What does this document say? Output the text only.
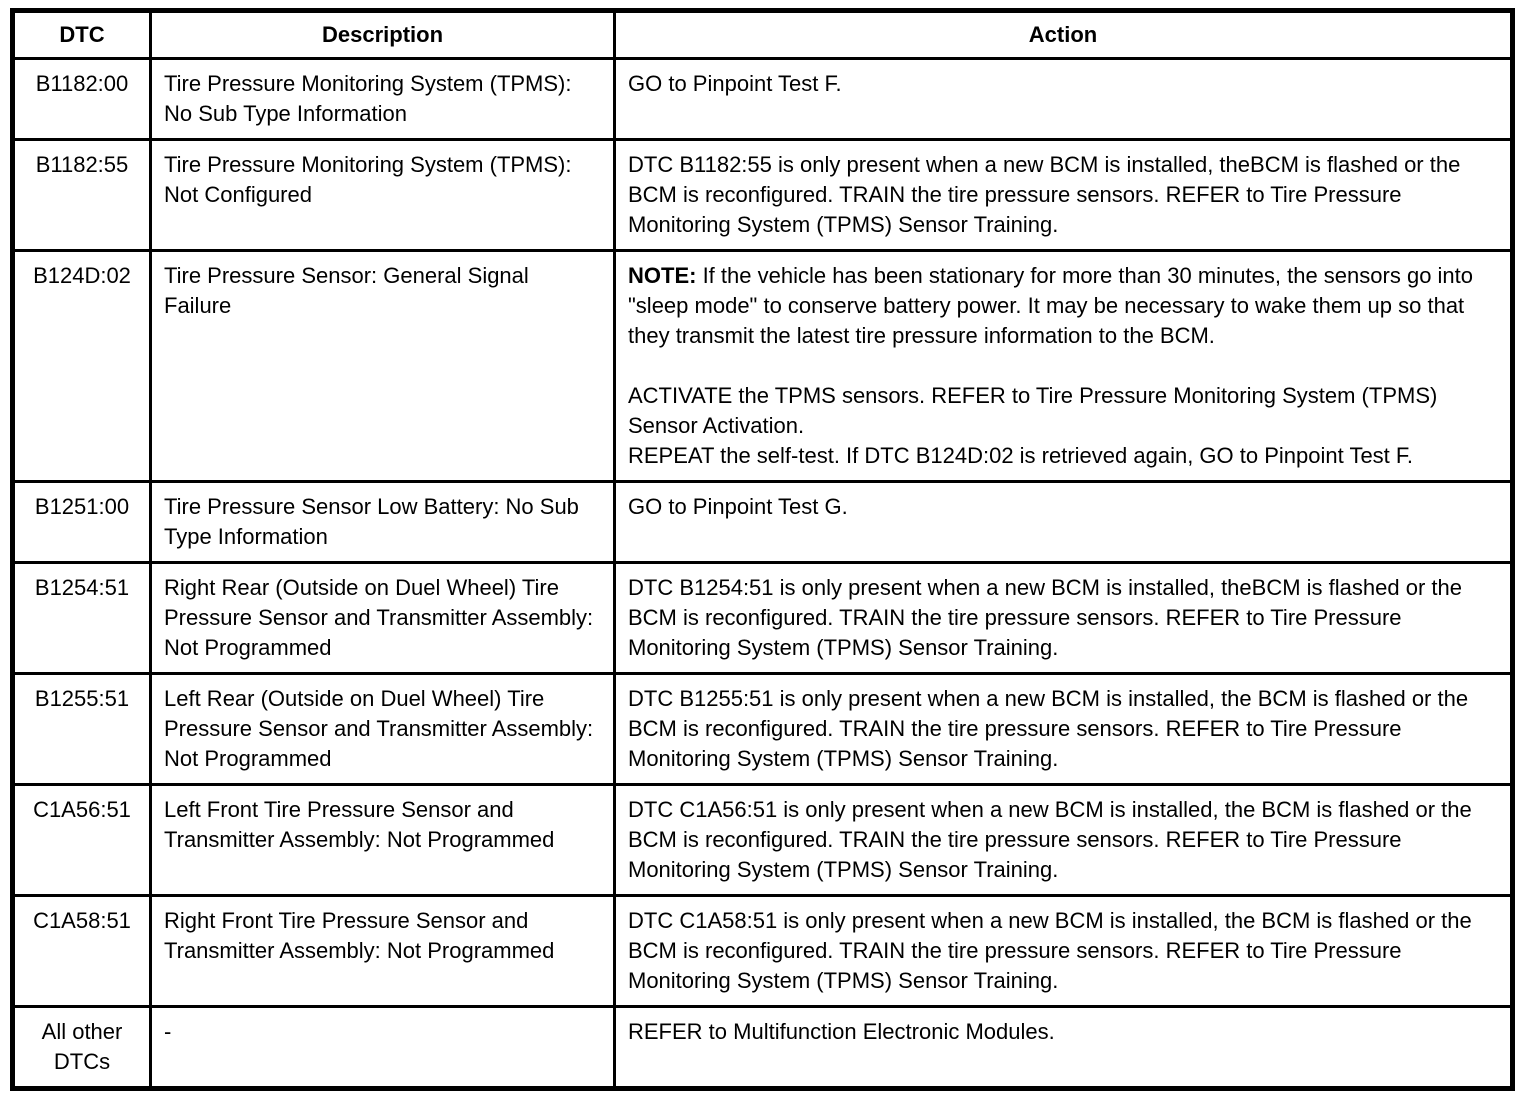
DTC	Description	Action
B1182:00	Tire Pressure Monitoring System (TPMS): No Sub Type Information	GO to Pinpoint Test F.

B1182:55	Tire Pressure Monitoring System (TPMS): Not Configured	DTC B1182:55 is only present when a new BCM is installed, theBCM is flashed or the BCM is reconfigured. TRAIN the tire pressure sensors. REFER to Tire Pressure Monitoring System (TPMS) Sensor Training.

B124D:02	Tire Pressure Sensor: General Signal Failure	NOTE: If the vehicle has been stationary for more than 30 minutes, the sensors go into "sleep mode" to conserve battery power. It may be necessary to wake them up so that they transmit the latest tire pressure information to the BCM.

ACTIVATE the TPMS sensors. REFER to Tire Pressure Monitoring System (TPMS) Sensor Activation.

REPEAT the self-test. If DTC B124D:02 is retrieved again, GO to Pinpoint Test F.

B1251:00	Tire Pressure Sensor Low Battery: No Sub Type Information	GO to Pinpoint Test G.

B1254:51	Right Rear (Outside on Duel Wheel) Tire Pressure Sensor and Transmitter Assembly: Not Programmed	DTC B1254:51 is only present when a new BCM is installed, theBCM is flashed or the BCM is reconfigured. TRAIN the tire pressure sensors. REFER to Tire Pressure Monitoring System (TPMS) Sensor Training.

B1255:51	Left Rear (Outside on Duel Wheel) Tire Pressure Sensor and Transmitter Assembly: Not Programmed	DTC B1255:51 is only present when a new BCM is installed, the BCM is flashed or the BCM is reconfigured. TRAIN the tire pressure sensors. REFER to Tire Pressure Monitoring System (TPMS) Sensor Training.

C1A56:51	Left Front Tire Pressure Sensor and Transmitter Assembly: Not Programmed	DTC C1A56:51 is only present when a new BCM is installed, the BCM is flashed or the BCM is reconfigured. TRAIN the tire pressure sensors. REFER to Tire Pressure Monitoring System (TPMS) Sensor Training.

C1A58:51	Right Front Tire Pressure Sensor and Transmitter Assembly: Not Programmed	DTC C1A58:51 is only present when a new BCM is installed, the BCM is flashed or the BCM is reconfigured. TRAIN the tire pressure sensors. REFER to Tire Pressure Monitoring System (TPMS) Sensor Training.

All other DTCs	-	REFER to Multifunction Electronic Modules.
